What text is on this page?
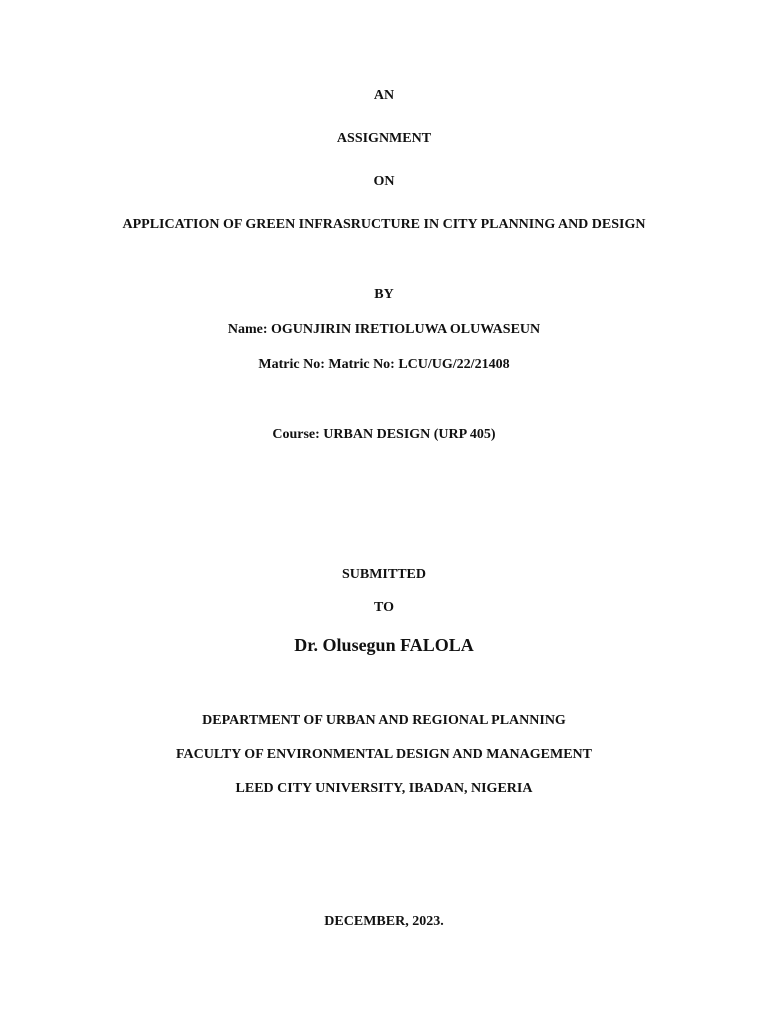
AN
ASSIGNMENT
ON
APPLICATION OF GREEN INFRASRUCTURE IN CITY PLANNING AND DESIGN
BY
Name: OGUNJIRIN IRETIOLUWA OLUWASEUN
Matric No: Matric No: LCU/UG/22/21408
Course: URBAN DESIGN (URP 405)
SUBMITTED
TO
Dr. Olusegun FALOLA
DEPARTMENT OF URBAN AND REGIONAL PLANNING
FACULTY OF ENVIRONMENTAL DESIGN AND MANAGEMENT
LEED CITY UNIVERSITY, IBADAN, NIGERIA
DECEMBER, 2023.
